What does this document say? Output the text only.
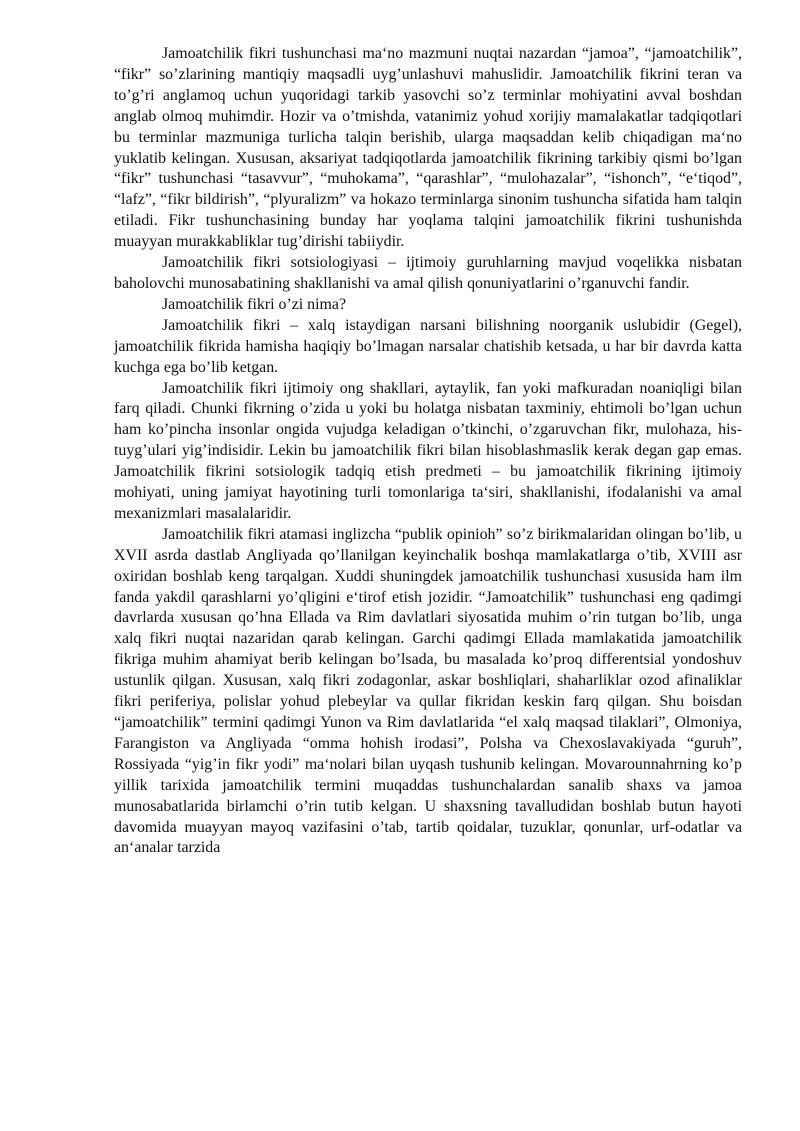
Jamoatchilik fikri tushunchasi ma‘no mazmuni nuqtai nazardan “jamoa”, “jamoatchilik”, “fikr” so’zlarining mantiqiy maqsadli uyg’unlashuvi mahuslidir. Jamoatchilik fikrini teran va to’g’ri anglamoq uchun yuqoridagi tarkib yasovchi so’z terminlar mohiyatini avval boshdan anglab olmoq muhimdir. Hozir va o’tmishda, vatanimiz yohud xorijiy mamalakatlar tadqiqotlari bu terminlar mazmuniga turlicha talqin berishib, ularga maqsaddan kelib chiqadigan ma‘no yuklatib kelingan. Xususan, aksariyat tadqiqotlarda jamoatchilik fikrining tarkibiy qismi bo’lgan “fikr” tushunchasi “tasavvur”, “muhokama”, “qarashlar”, “mulohazalar”, “ishonch”, “e‘tiqod”, “lafz”, “fikr bildirish”, “plyuralizm” va hokazo terminlarga sinonim tushuncha sifatida ham talqin etiladi. Fikr tushunchasining bunday har yoqlama talqini jamoatchilik fikrini tushunishda muayyan murakkabliklar tug’dirishi tabiiydir.

Jamoatchilik fikri sotsiologiyasi – ijtimoiy guruhlarning mavjud voqelikka nisbatan baholovchi munosabatining shakllanishi va amal qilish qonuniyatlarini o’rganuvchi fandir.

Jamoatchilik fikri o’zi nima?

Jamoatchilik fikri – xalq istaydigan narsani bilishning noorganik uslubidir (Gegel), jamoatchilik fikrida hamisha haqiqiy bo’lmagan narsalar chatishib ketsada, u har bir davrda katta kuchga ega bo’lib ketgan.

Jamoatchilik fikri ijtimoiy ong shakllari, aytaylik, fan yoki mafkuradan noaniqligi bilan farq qiladi. Chunki fikrning o’zida u yoki bu holatga nisbatan taxminiy, ehtimoli bo’lgan uchun ham ko’pincha insonlar ongida vujudga keladigan o’tkinchi, o’zgaruvchan fikr, mulohaza, his-tuyg’ulari yig’indisidir. Lekin bu jamoatchilik fikri bilan hisoblashmaslik kerak degan gap emas. Jamoatchilik fikrini sotsiologik tadqiq etish predmeti – bu jamoatchilik fikrining ijtimoiy mohiyati, uning jamiyat hayotining turli tomonlariga ta‘siri, shakllanishi, ifodalanishi va amal mexanizmlari masalalaridir.

Jamoatchilik fikri atamasi inglizcha “publik opinioh” so’z birikmalaridan olingan bo’lib, u XVII asrda dastlab Angliyada qo’llanilgan keyinchalik boshqa mamlakatlarga o’tib, XVIII asr oxiridan boshlab keng tarqalgan. Xuddi shuningdek jamoatchilik tushunchasi xususida ham ilm fanda yakdil qarashlarni yo’qligini e‘tirof etish jozidir. “Jamoatchilik” tushunchasi eng qadimgi davrlarda xususan qo’hna Ellada va Rim davlatlari siyosatida muhim o’rin tutgan bo’lib, unga xalq fikri nuqtai nazaridan qarab kelingan. Garchi qadimgi Ellada mamlakatida jamoatchilik fikriga muhim ahamiyat berib kelingan bo’lsada, bu masalada ko’proq differentsial yondoshuv ustunlik qilgan. Xususan, xalq fikri zodagonlar, askar boshliqlari, shaharliklar ozod afinaliklar fikri periferiya, polislar yohud plebeylar va qullar fikridan keskin farq qilgan. Shu boisdan “jamoatchilik” termini qadimgi Yunon va Rim davlatlarida “el xalq maqsad tilaklari”, Olmoniya, Farangiston va Angliyada “omma hohish irodasi”, Polsha va Chexoslavakiyada “guruh”, Rossiyada “yig’in fikr yodi” ma‘nolari bilan uyqash tushunib kelingan. Movarounnahrning ko’p yillik tarixida jamoatchilik termini muqaddas tushunchalardan sanalib shaxs va jamoa munosabatlarida birlamchi o’rin tutib kelgan. U shaxsning tavalludidan boshlab butun hayoti davomida muayyan mayoq vazifasini o’tab, tartib qoidalar, tuzuklar, qonunlar, urf-odatlar va an‘analar tarzida
